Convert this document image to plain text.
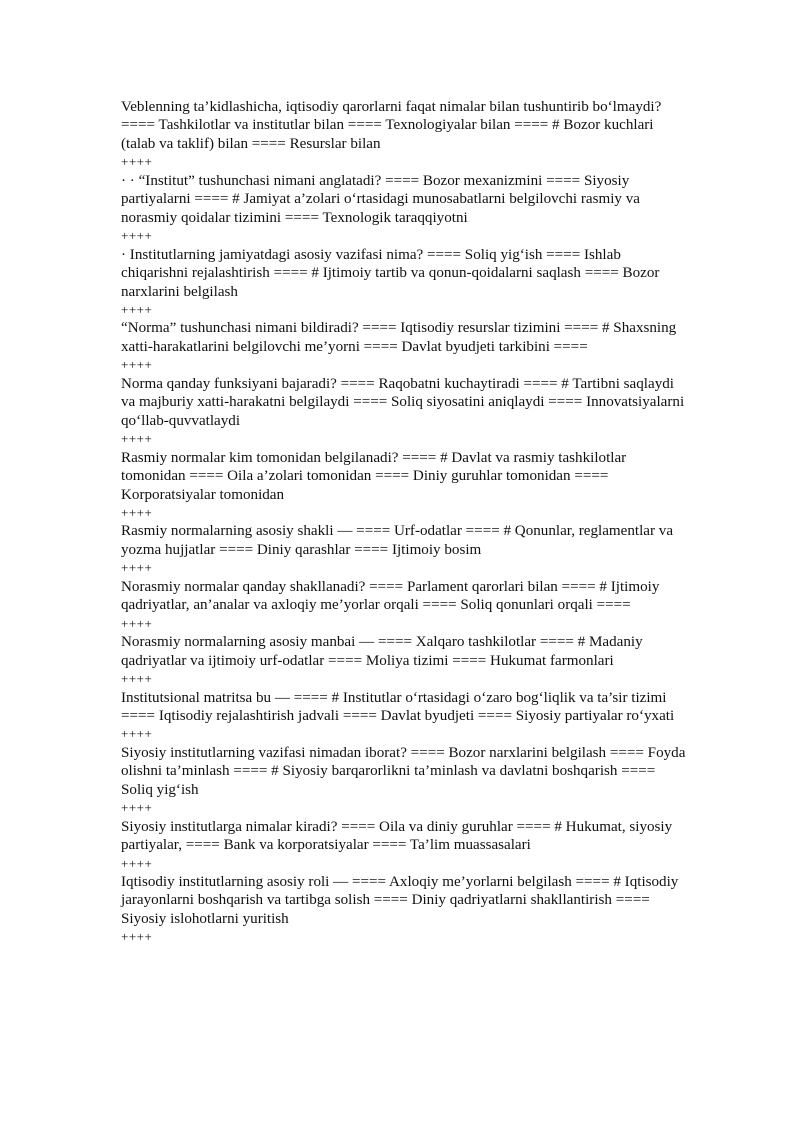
Veblenning ta’kidlashicha, iqtisodiy qarorlarni faqat nimalar bilan tushuntirib bo‘lmaydi? ==== Tashkilotlar va institutlar bilan ==== Texnologiyalar bilan ==== # Bozor kuchlari (talab va taklif) bilan ==== Resurslar bilan

++++

· · “Institut” tushunchasi nimani anglatadi? ==== Bozor mexanizmini ==== Siyosiy partiyalarni ==== # Jamiyat a’zolari o‘rtasidagi munosabatlarni belgilovchi rasmiy va norasmiy qoidalar tizimini ==== Texnologik taraqqiyotni

++++

· Institutlarning jamiyatdagi asosiy vazifasi nima? ==== Soliq yig‘ish ==== Ishlab chiqarishni rejalashtirish ==== # Ijtimoiy tartib va qonun-qoidalarni saqlash ==== Bozor narxlarini belgilash

++++

“Norma” tushunchasi nimani bildiradi? ==== Iqtisodiy resurslar tizimini ==== # Shaxsning xatti-harakatlarini belgilovchi me’yorni ==== Davlat byudjeti tarkibini ====

++++

Norma qanday funksiyani bajaradi? ==== Raqobatni kuchaytiradi ==== # Tartibni saqlaydi va majburiy xatti-harakatni belgilaydi ==== Soliq siyosatini aniqlaydi ==== Innovatsiyalarni qo‘llab-quvvatlaydi

++++

Rasmiy normalar kim tomonidan belgilanadi? ==== # Davlat va rasmiy tashkilotlar tomonidan ==== Oila a’zolari tomonidan ==== Diniy guruhlar tomonidan ==== Korporatsiyalar tomonidan

++++

Rasmiy normalarning asosiy shakli — ==== Urf-odatlar ==== # Qonunlar, reglamentlar va yozma hujjatlar ==== Diniy qarashlar ==== Ijtimoiy bosim

++++

Norasmiy normalar qanday shakllanadi? ==== Parlament qarorlari bilan ==== # Ijtimoiy qadriyatlar, an’analar va axloqiy me’yorlar orqali ==== Soliq qonunlari orqali ====

++++

Norasmiy normalarning asosiy manbai — ==== Xalqaro tashkilotlar ==== # Madaniy qadriyatlar va ijtimoiy urf-odatlar ==== Moliya tizimi ==== Hukumat farmonlari

++++

Institutsional matritsa bu — ==== # Institutlar o‘rtasidagi o‘zaro bog‘liqlik va ta’sir tizimi ==== Iqtisodiy rejalashtirish jadvali ==== Davlat byudjeti ==== Siyosiy partiyalar ro‘yxati

++++

Siyosiy institutlarning vazifasi nimadan iborat? ==== Bozor narxlarini belgilash ==== Foyda olishni ta’minlash ==== # Siyosiy barqarorlikni ta’minlash va davlatni boshqarish ==== Soliq yig‘ish

++++

Siyosiy institutlarga nimalar kiradi? ==== Oila va diniy guruhlar ==== # Hukumat, siyosiy partiyalar, ==== Bank va korporatsiyalar ==== Ta’lim muassasalari

++++

Iqtisodiy institutlarning asosiy roli — ==== Axloqiy me’yorlarni belgilash ==== # Iqtisodiy jarayonlarni boshqarish va tartibga solish ==== Diniy qadriyatlarni shakllantirish ==== Siyosiy islohotlarni yuritish

++++
